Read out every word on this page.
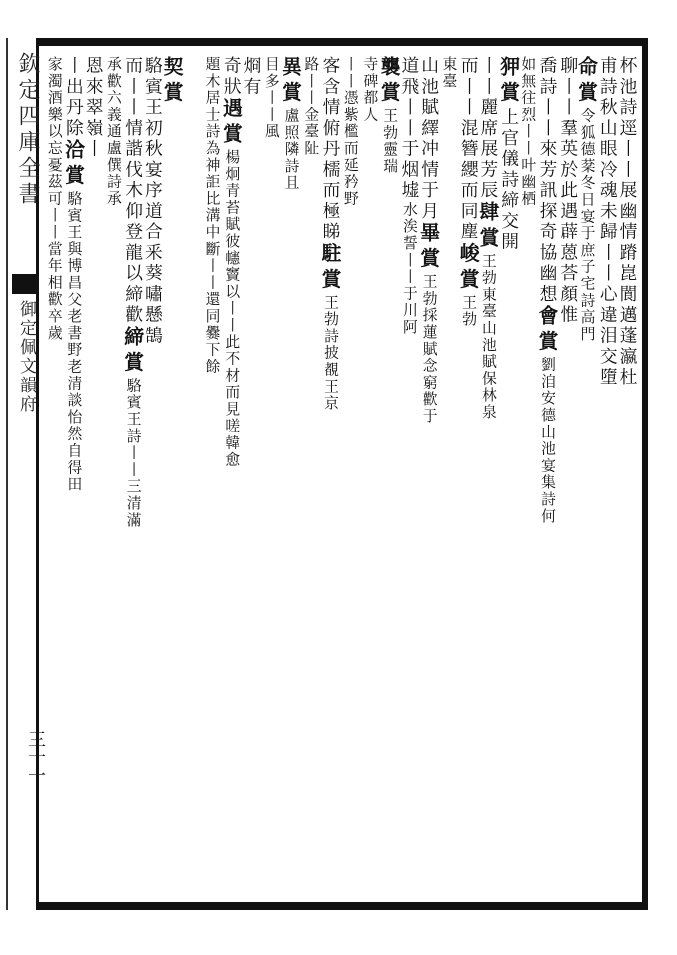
欽定四庫全書
御定佩文韻府
三十一
杯池詩逕丨丨展幽情蹐崑閬邁蓬瀛杜
甫詩秋山眼冷魂未歸丨丨心違泪交墮
命賞令狐德棻冬日宴于庶子宅詩高門
聊丨丨羣英於此遇薜蒽荅顏惟
喬詩丨丨來芳訊探奇協幽想會賞劉洎安德山池宴集詩何
如無往烈丨丨叶幽栖
狎賞上官儀詩締交開
丨丨麗席展芳辰肆賞王勃東臺山池賦保林泉
而丨丨混簪纓而同塵峻賞王勃
東臺
山池賦繹冲情于月畢賞王勃採蓮賦念窮歡于
道飛丨丨于烟墟水涘誓丨丨于川阿
襲賞王勃靈瑞
寺碑都人
丨丨憑紫檻而延矜野
客含情俯丹檽而極睇駐賞王勃詩披覩王京
路丨丨金臺阯
異賞盧照隣詩且
目多丨丨風
烱有
奇狀遇賞楊炯青苔賦彼幰竇以丨丨此不材而見嗟韓愈
題木居士詩為神詎比溝中斷丨丨還同爨下餘
契賞
駱賓王初秋宴序道合釆葵嘯懸鵠
而丨丨情諧伐木仰登龍以締歡締賞駱賓王詩丨丨三清滿
承歡六義通盧僎詩承
恩來翠嶺丨
丨出丹除洽賞駱賓王與博昌父老書野老清談怡然自得田
家濁酒樂以忘憂茲可丨丨當年相歡卒歲
